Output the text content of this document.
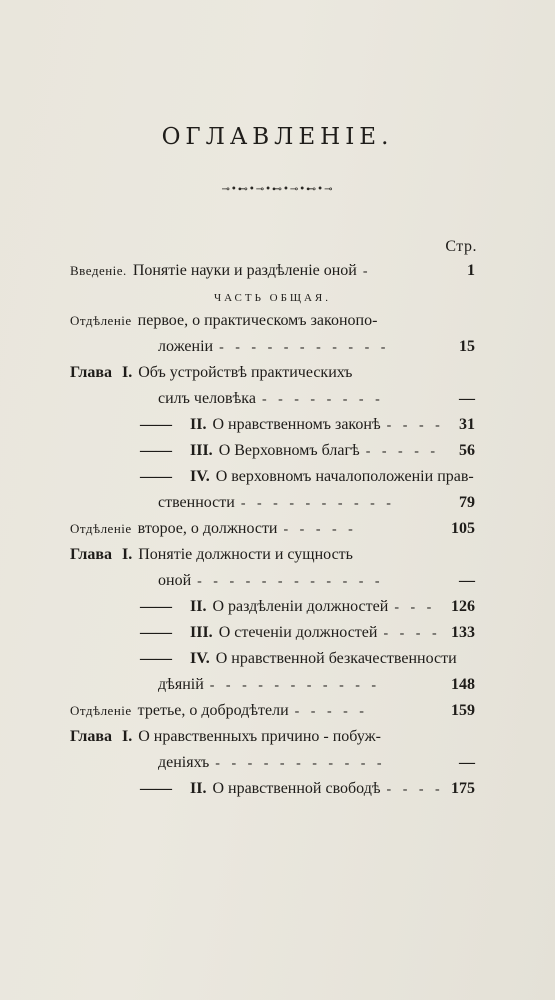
ОГЛАВЛЕНІЕ.
⊸•⊷•⊸•⊷•⊸•⊷•⊸
Стр.
Введеніе. Понятіе науки и раздѣленіе оной -	1
ЧАСТЬ ОБЩАЯ.
Отдѣленіе первое, о практическомъ законопо-
ложеніи - - - - - - - - - - -	15
Глава I. Объ устройствѣ практическихъ
силъ человѣка - - - - - - - -	—
——	II. О нравственномъ законѣ - - - - 31
——	III. О Верховномъ благѣ - - - - -	56
——	IV. О верховномъ началоположеніи прав-
ственности - - - - - - - - - -	79
Отдѣленіе второе, о должности - - - - -	105
Глава I. Понятіе должности и сущность
оной - - - - - - - - - - - -	—
——	II. О раздѣленіи должностей - - - 126
——	III. О стеченіи должностей - - - - 133
——	IV. О нравственной безкачественности
дѣяній - - - - - - - - - - -	148
Отдѣленіе третье, о добродѣтели - - - - -	159
Глава I. О нравственныхъ причино - побуж-
деніяхъ - - - - - - - - - - -	—
——	II. О нравственной свободѣ - - - - 175
